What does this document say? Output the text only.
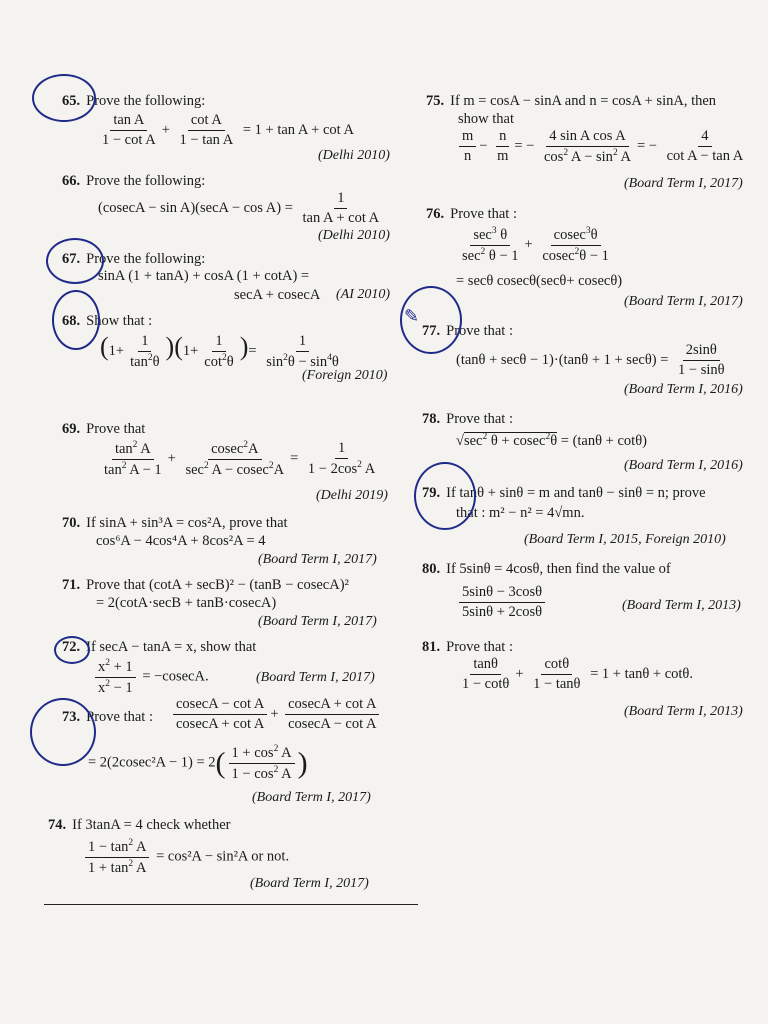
65. Prove the following:
$\frac{\text{tan A}}{\text{1 − cot A}} + \frac{\text{cot A}}{\text{1 − tan A}} = 1 + \tan A + \cot A$
(Delhi 2010)
66. Prove the following:
$(cosecA - \sin A)(\sec A - \cos A) = \frac{1}{\text{tan A + cot A}}$
(Delhi 2010)
67. Prove the following:
sinA (1 + tanA) + cosA (1 + cotA) =
secA + cosecA (AI 2010)
68. Show that :
$(1+ \frac{1}{\tan^2\theta} )(1+ \frac{1}{\cot^2\theta}$ )= $\frac{1}{\sin^2\theta - \sin^4\theta}$
(Foreign 2010)
69. Prove that
$\frac{\tan^2 A}{\tan^2 A - 1} + \frac{cosec^2A}{\sec^2 A - cosec^2A} = \frac{1}{1 - 2\cos^2 A}$
(Delhi 2019)
70. If sinA + sin³A = cos²A, prove that
cos⁶A − 4cos⁴A + 8cos²A = 4
(Board Term I, 2017)
71. Prove that (cotA + secB)² − (tanB − cosecA)²
= 2(cotA·secB + tanB·cosecA)
(Board Term I, 2017)
72. If secA − tanA = x, show that
$\frac{x^2 + 1}{x^2 - 1} = -cosecA$.	(Board Term I, 2017)
73. Prove that : $\frac{\text{cosecA − cot A}}{\text{cosecA + cot A}} + \frac{\text{cosecA + cot A}}{\text{cosecA − cot A}}$
= $2(2cosec^2A - 1) = 2( \frac{1 + \cos^2 A}{1 - \cos^2 A}$ )
(Board Term I, 2017)
74. If 3tanA = 4 check whether
$\frac{1 - \tan^2 A}{1 + \tan^2 A} = \cos^2A - \sin^2A$ or not.
(Board Term I, 2017)
75. If m = cosA − sinA and n = cosA + sinA, then
show that
$\frac{m}{n} - \frac{n}{m}$ = − $\frac{\text{4 sin A cos A}}{\cos^2 A - \sin^2 A}$ = − $\frac{4}{\text{cot A − tan A}}$
(Board Term I, 2017)
76. Prove that :
$\frac{\sec^3 \theta}{\sec^2 \theta - 1} + \frac{cosec^3\theta}{cosec^2\theta - 1}$
= secθ cosecθ(secθ+ cosecθ)
(Board Term I, 2017)
77. Prove that :
$(\tan\theta + \sec\theta - 1)\cdot(\tan\theta + 1 + \sec\theta) = \frac{2\sin\theta}{1 - \sin\theta}$
(Board Term I, 2016)
✎
78. Prove that :
$√\sec^2$ θ + cosec$^2$θ = (tanθ + cotθ)
(Board Term I, 2016)
79. If tanθ + sinθ = m and tanθ − sinθ = n; prove
that : m² − n² = 4√mn.
(Board Term I, 2015, Foreign 2010)
80. If 5sinθ = 4cosθ, then find the value of
$\frac{5\sin\theta - 3\cos\theta}{5\sin\theta + 2\cos\theta}$	(Board Term I, 2013)
81. Prove that :
$\frac{\tan\theta}{1 - \cot\theta} + \frac{\cot\theta}{1 - \tan\theta} = 1 + \tan\theta + \cot\theta$.
(Board Term I, 2013)
